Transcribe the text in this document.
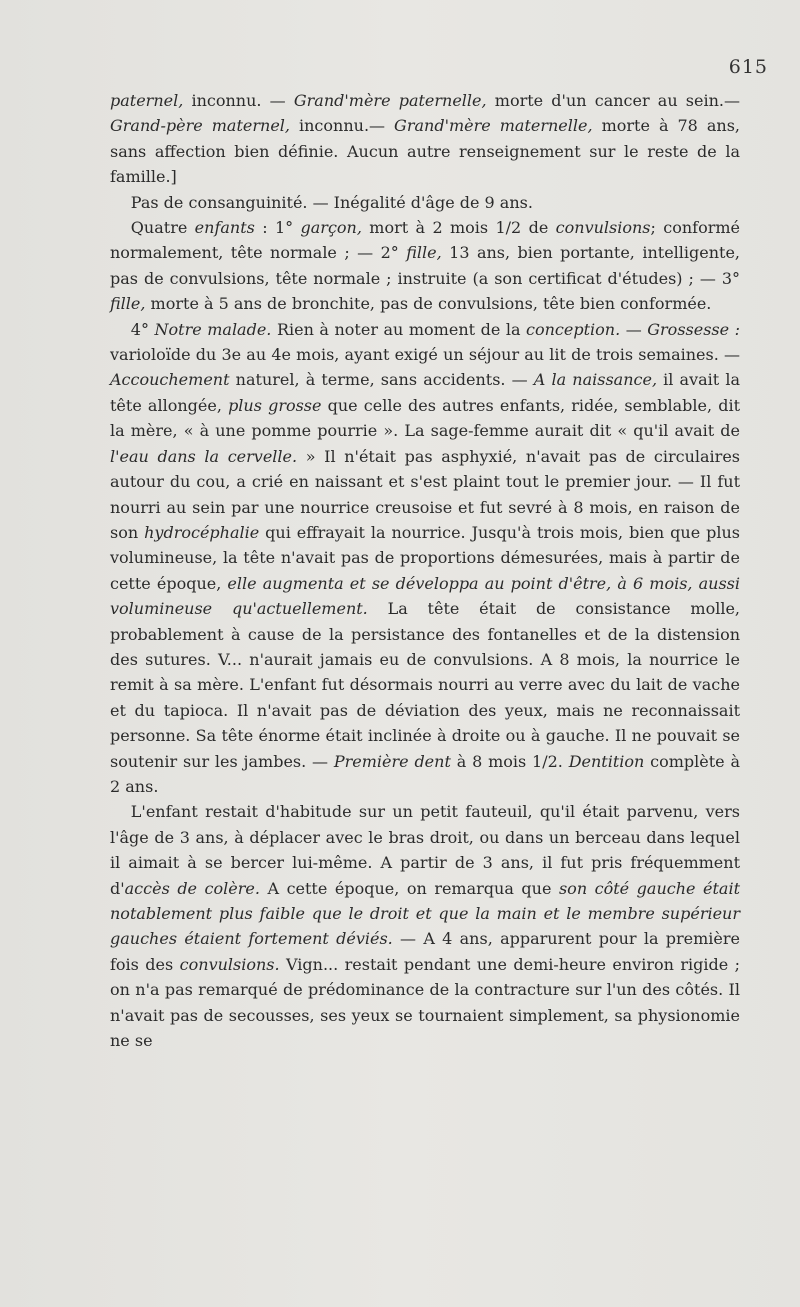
615

paternel, inconnu. — Grand'mère paternelle, morte d'un cancer au sein.— Grand-père maternel, inconnu.— Grand'mère maternelle, morte à 78 ans, sans affection bien définie. Aucun autre renseignement sur le reste de la famille.]

Pas de consanguinité. — Inégalité d'âge de 9 ans.

Quatre enfants : 1° garçon, mort à 2 mois 1/2 de convulsions; conformé normalement, tête normale ; — 2° fille, 13 ans, bien portante, intelligente, pas de convulsions, tête normale ; instruite (a son certificat d'études) ; — 3° fille, morte à 5 ans de bronchite, pas de convulsions, tête bien conformée.

4° Notre malade. Rien à noter au moment de la conception. — Grossesse : varioloïde du 3e au 4e mois, ayant exigé un séjour au lit de trois semaines. — Accouchement naturel, à terme, sans accidents. — A la naissance, il avait la tête allongée, plus grosse que celle des autres enfants, ridée, semblable, dit la mère, « à une pomme pourrie ». La sage-femme aurait dit « qu'il avait de l'eau dans la cervelle. » Il n'était pas asphyxié, n'avait pas de circulaires autour du cou, a crié en naissant et s'est plaint tout le premier jour. — Il fut nourri au sein par une nourrice creusoise et fut sevré à 8 mois, en raison de son hydrocéphalie qui effrayait la nourrice. Jusqu'à trois mois, bien que plus volumineuse, la tête n'avait pas de proportions démesurées, mais à partir de cette époque, elle augmenta et se développa au point d'être, à 6 mois, aussi volumineuse qu'actuellement. La tête était de consistance molle, probablement à cause de la persistance des fontanelles et de la distension des sutures. V... n'aurait jamais eu de convulsions. A 8 mois, la nourrice le remit à sa mère. L'enfant fut désormais nourri au verre avec du lait de vache et du tapioca. Il n'avait pas de déviation des yeux, mais ne reconnaissait personne. Sa tête énorme était inclinée à droite ou à gauche. Il ne pouvait se soutenir sur les jambes. — Première dent à 8 mois 1/2. Dentition complète à 2 ans.

L'enfant restait d'habitude sur un petit fauteuil, qu'il était parvenu, vers l'âge de 3 ans, à déplacer avec le bras droit, ou dans un berceau dans lequel il aimait à se bercer lui-même. A partir de 3 ans, il fut pris fréquemment d'accès de colère. A cette époque, on remarqua que son côté gauche était notablement plus faible que le droit et que la main et le membre supérieur gauches étaient fortement déviés. — A 4 ans, apparurent pour la première fois des convulsions. Vign... restait pendant une demi-heure environ rigide ; on n'a pas remarqué de prédominance de la contracture sur l'un des côtés. Il n'avait pas de secousses, ses yeux se tournaient simplement, sa physionomie ne se
